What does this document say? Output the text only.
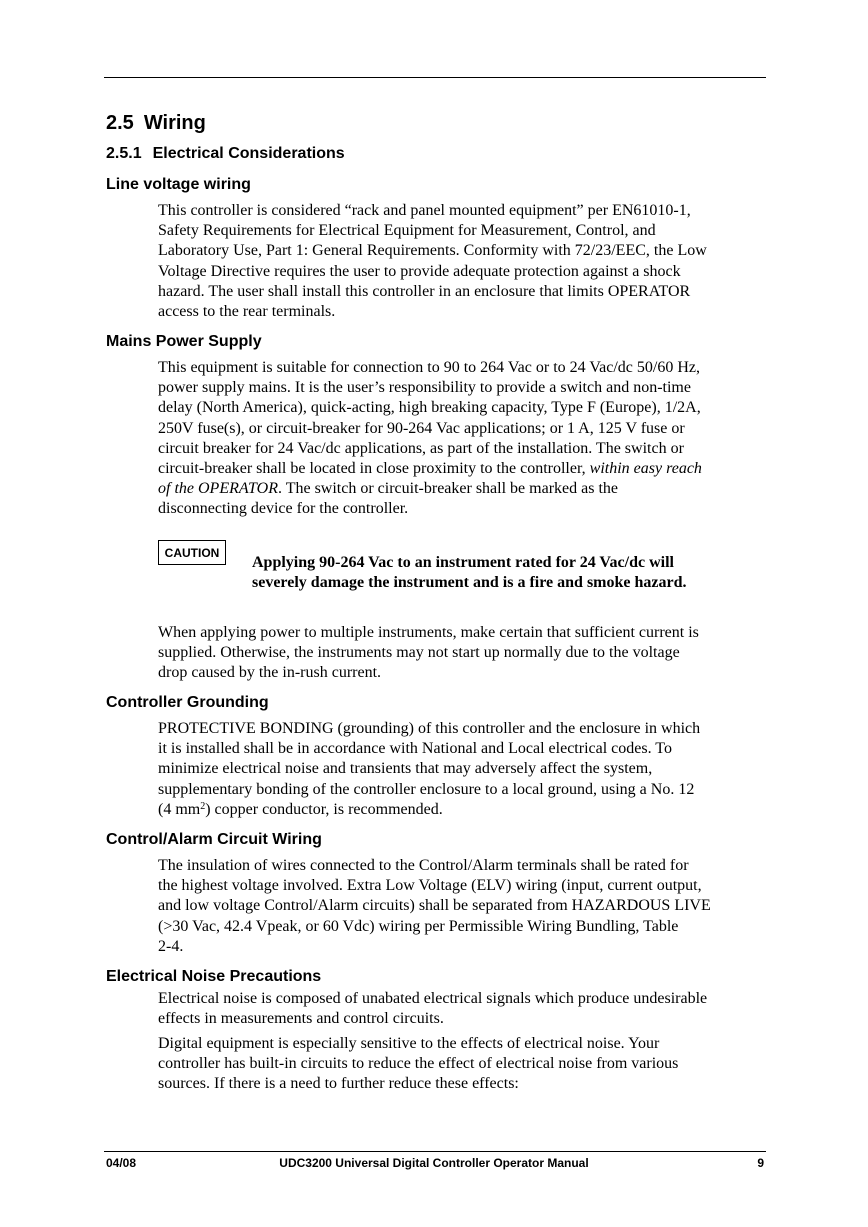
2.5 Wiring
2.5.1 Electrical Considerations
Line voltage wiring

This controller is considered “rack and panel mounted equipment” per EN61010-1,
Safety Requirements for Electrical Equipment for Measurement, Control, and
Laboratory Use, Part 1: General Requirements. Conformity with 72/23/EEC, the Low
Voltage Directive requires the user to provide adequate protection against a shock
hazard. The user shall install this controller in an enclosure that limits OPERATOR
access to the rear terminals.

Mains Power Supply

This equipment is suitable for connection to 90 to 264 Vac or to 24 Vac/dc 50/60 Hz,
power supply mains. It is the user’s responsibility to provide a switch and non-time
delay (North America), quick-acting, high breaking capacity, Type F (Europe), 1/2A,
250V fuse(s), or circuit-breaker for 90-264 Vac applications; or 1 A, 125 V fuse or
circuit breaker for 24 Vac/dc applications, as part of the installation. The switch or
circuit-breaker shall be located in close proximity to the controller, within easy reach
of the OPERATOR. The switch or circuit-breaker shall be marked as the
disconnecting device for the controller.

CAUTION

Applying 90-264 Vac to an instrument rated for 24 Vac/dc will
severely damage the instrument and is a fire and smoke hazard.

When applying power to multiple instruments, make certain that sufficient current is
supplied. Otherwise, the instruments may not start up normally due to the voltage
drop caused by the in-rush current.

Controller Grounding

PROTECTIVE BONDING (grounding) of this controller and the enclosure in which
it is installed shall be in accordance with National and Local electrical codes. To
minimize electrical noise and transients that may adversely affect the system,
supplementary bonding of the controller enclosure to a local ground, using a No. 12
(4 $mm^2$) copper conductor, is recommended.

Control/Alarm Circuit Wiring

The insulation of wires connected to the Control/Alarm terminals shall be rated for
the highest voltage involved. Extra Low Voltage (ELV) wiring (input, current output,
and low voltage Control/Alarm circuits) shall be separated from HAZARDOUS LIVE
(>30 Vac, 42.4 Vpeak, or 60 Vdc) wiring per Permissible Wiring Bundling, Table
2-4.

Electrical Noise Precautions

Electrical noise is composed of unabated electrical signals which produce undesirable
effects in measurements and control circuits.

Digital equipment is especially sensitive to the effects of electrical noise. Your
controller has built-in circuits to reduce the effect of electrical noise from various
sources. If there is a need to further reduce these effects:

04/08	UDC3200 Universal Digital Controller Operator Manual	9
